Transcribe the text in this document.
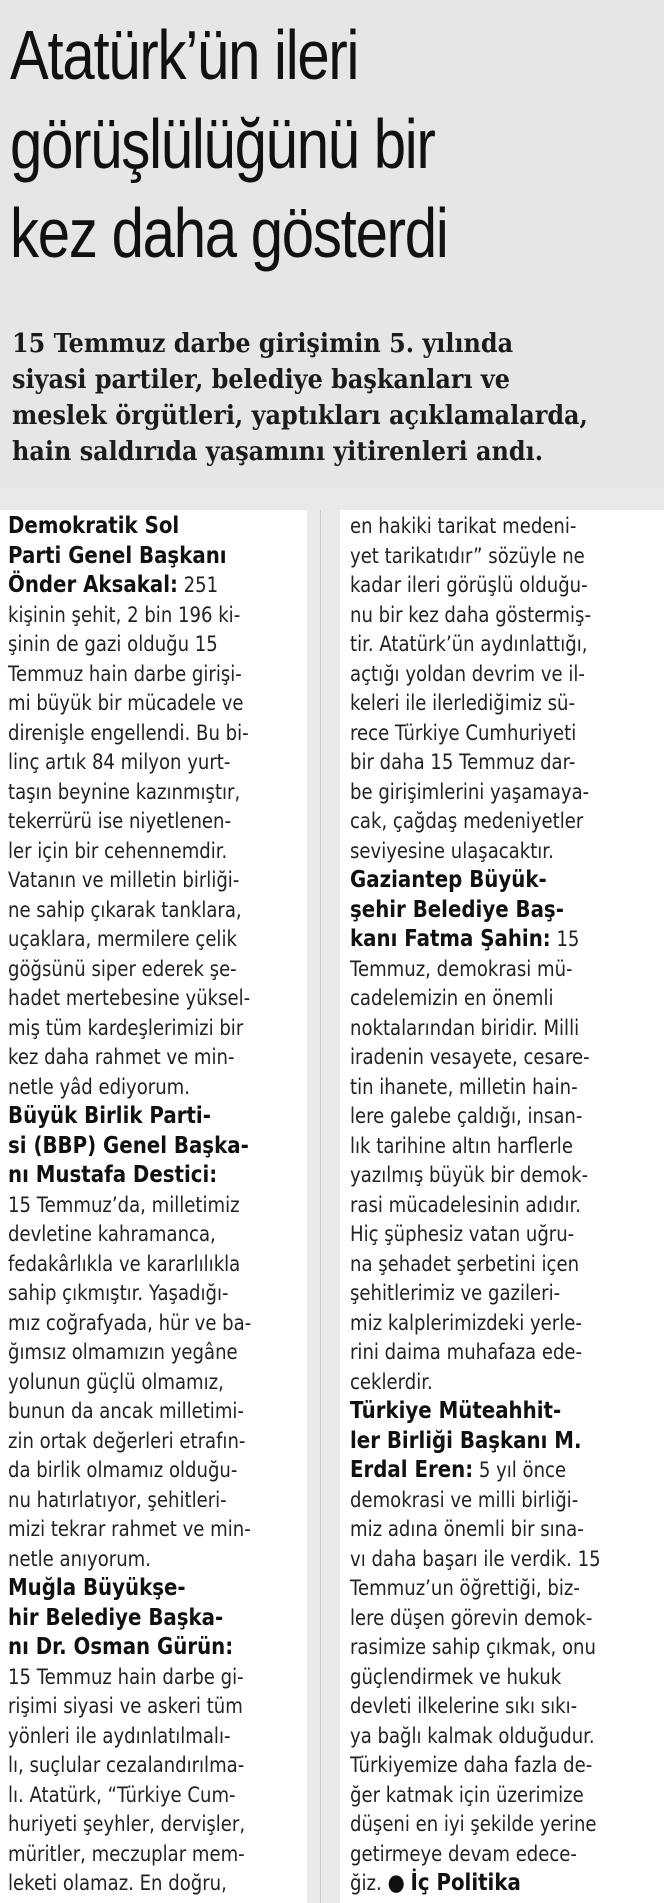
Atatürk’ün ileri
görüşlülüğünü bir
kez daha gösterdi
15 Temmuz darbe girişimin 5. yılında
siyasi partiler, belediye başkanları ve
meslek örgütleri, yaptıkları açıklamalarda,
hain saldırıda yaşamını yitirenleri andı.
Demokratik Sol
Parti Genel Başkanı
Önder Aksakal: 251
kişinin şehit, 2 bin 196 ki-
şinin de gazi olduğu 15
Temmuz hain darbe girişi-
mi büyük bir mücadele ve
direnişle engellendi. Bu bi-
linç artık 84 milyon yurt-
taşın beynine kazınmıştır,
tekerrürü ise niyetlenen-
ler için bir cehennemdir.
Vatanın ve milletin birliği-
ne sahip çıkarak tanklara,
uçaklara, mermilere çelik
göğsünü siper ederek şe-
hadet mertebesine yüksel-
miş tüm kardeşlerimizi bir
kez daha rahmet ve min-
netle yâd ediyorum.
Büyük Birlik Parti-
si (BBP) Genel Başka-
nı Mustafa Destici:
15 Temmuz’da, milletimiz
devletine kahramanca,
fedakârlıkla ve kararlılıkla
sahip çıkmıştır. Yaşadığı-
mız coğrafyada, hür ve ba-
ğımsız olmamızın yegâne
yolunun güçlü olmamız,
bunun da ancak milletimi-
zin ortak değerleri etrafın-
da birlik olmamız olduğu-
nu hatırlatıyor, şehitleri-
mizi tekrar rahmet ve min-
netle anıyorum.
Muğla Büyükşe-
hir Belediye Başka-
nı Dr. Osman Gürün:
15 Temmuz hain darbe gi-
rişimi siyasi ve askeri tüm
yönleri ile aydınlatılmalı-
lı, suçlular cezalandırılma-
lı. Atatürk, “Türkiye Cum-
huriyeti şeyhler, dervişler,
müritler, meczuplar mem-
leketi olamaz. En doğru,
en hakiki tarikat medeni-
yet tarikatıdır” sözüyle ne
kadar ileri görüşlü olduğu-
nu bir kez daha göstermiş-
tir. Atatürk’ün aydınlattığı,
açtığı yoldan devrim ve il-
keleri ile ilerlediğimiz sü-
rece Türkiye Cumhuriyeti
bir daha 15 Temmuz dar-
be girişimlerini yaşamaya-
cak, çağdaş medeniyetler
seviyesine ulaşacaktır.
Gaziantep Büyük-
şehir Belediye Baş-
kanı Fatma Şahin: 15
Temmuz, demokrasi mü-
cadelemizin en önemli
noktalarından biridir. Milli
iradenin vesayete, cesare-
tin ihanete, milletin hain-
lere galebe çaldığı, insan-
lık tarihine altın harflerle
yazılmış büyük bir demok-
rasi mücadelesinin adıdır.
Hiç şüphesiz vatan uğru-
na şehadet şerbetini içen
şehitlerimiz ve gazileri-
miz kalplerimizdeki yerle-
rini daima muhafaza ede-
ceklerdir.
Türkiye Müteahhit-
ler Birliği Başkanı M.
Erdal Eren: 5 yıl önce
demokrasi ve milli birliği-
miz adına önemli bir sına-
vı daha başarı ile verdik. 15
Temmuz’un öğrettiği, biz-
lere düşen görevin demok-
rasimize sahip çıkmak, onu
güçlendirmek ve hukuk
devleti ilkelerine sıkı sıkı-
ya bağlı kalmak olduğudur.
Türkiyemize daha fazla de-
ğer katmak için üzerimize
düşeni en iyi şekilde yerine
getirmeye devam edece-
ğiz. ● İç Politika
